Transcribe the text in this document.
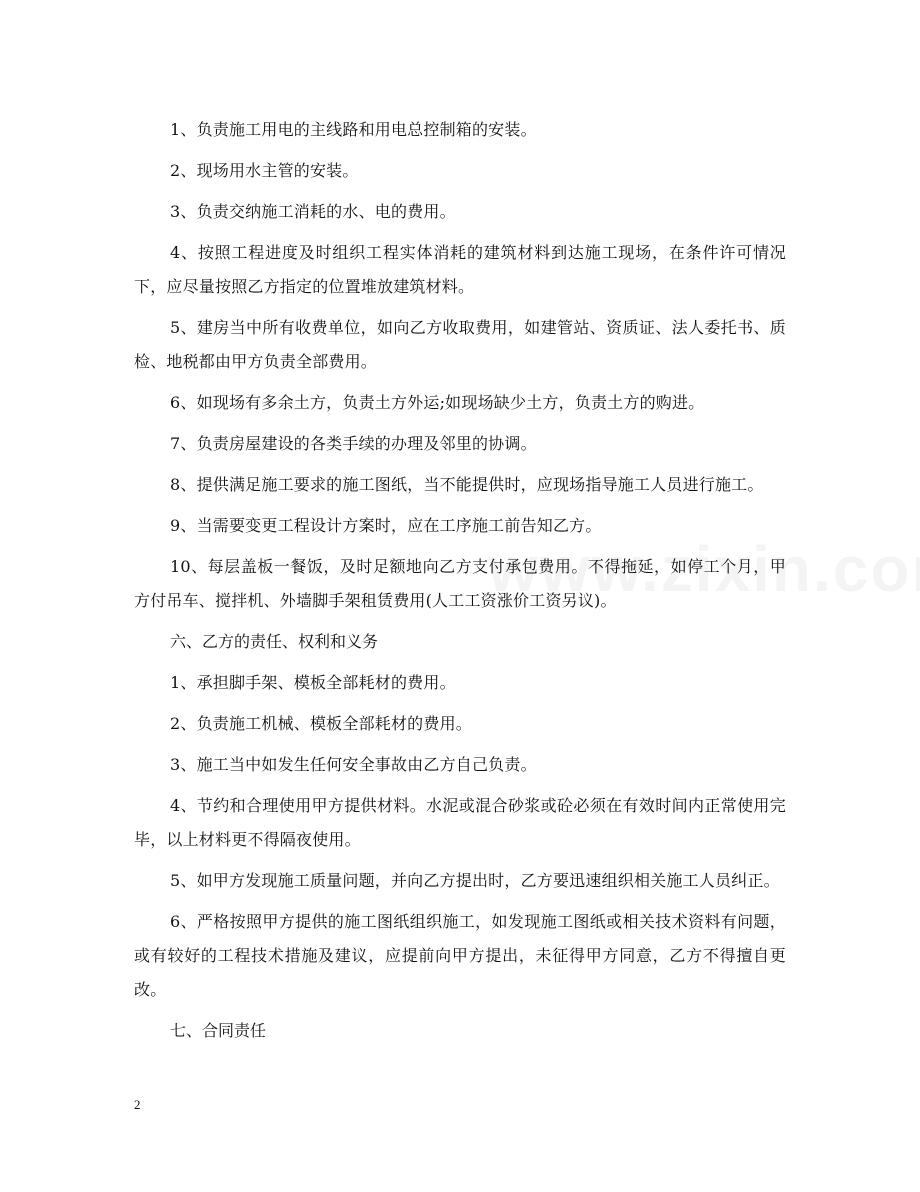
1、负责施工用电的主线路和用电总控制箱的安装。

2、现场用水主管的安装。

3、负责交纳施工消耗的水、电的费用。

4、按照工程进度及时组织工程实体消耗的建筑材料到达施工现场，在条件许可情况下，应尽量按照乙方指定的位置堆放建筑材料。

5、建房当中所有收费单位，如向乙方收取费用，如建管站、资质证、法人委托书、质检、地税都由甲方负责全部费用。

6、如现场有多余土方，负责土方外运;如现场缺少土方，负责土方的购进。

7、负责房屋建设的各类手续的办理及邻里的协调。

8、提供满足施工要求的施工图纸，当不能提供时，应现场指导施工人员进行施工。

9、当需要变更工程设计方案时，应在工序施工前告知乙方。

10、每层盖板一餐饭，及时足额地向乙方支付承包费用。不得拖延，如停工个月，甲方付吊车、搅拌机、外墙脚手架租赁费用(人工工资涨价工资另议)。

六、乙方的责任、权利和义务

1、承担脚手架、模板全部耗材的费用。

2、负责施工机械、模板全部耗材的费用。

3、施工当中如发生任何安全事故由乙方自己负责。

4、节约和合理使用甲方提供材料。水泥或混合砂浆或砼必须在有效时间内正常使用完毕，以上材料更不得隔夜使用。

5、如甲方发现施工质量问题，并向乙方提出时，乙方要迅速组织相关施工人员纠正。

6、严格按照甲方提供的施工图纸组织施工，如发现施工图纸或相关技术资料有问题，或有较好的工程技术措施及建议，应提前向甲方提出，未征得甲方同意，乙方不得擅自更改。

七、合同责任

2
